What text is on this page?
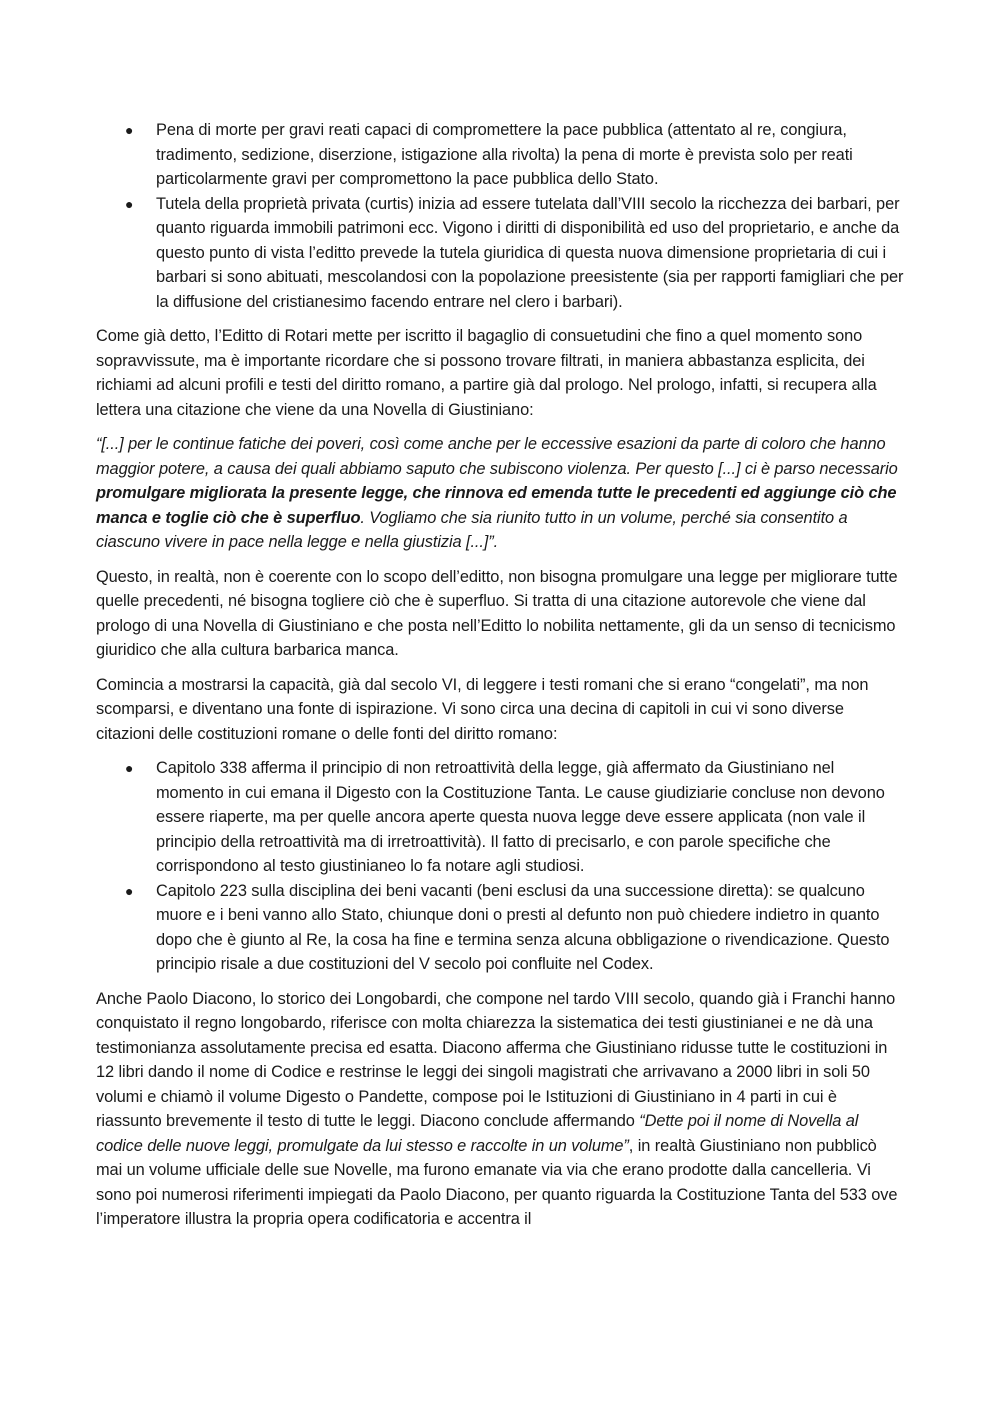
● Pena di morte per gravi reati capaci di compromettere la pace pubblica (attentato al re, congiura, tradimento, sedizione, diserzione, istigazione alla rivolta) la pena di morte è prevista solo per reati particolarmente gravi per compromettono la pace pubblica dello Stato.
● Tutela della proprietà privata (curtis) inizia ad essere tutelata dall’VIII secolo la ricchezza dei barbari, per quanto riguarda immobili patrimoni ecc. Vigono i diritti di disponibilità ed uso del proprietario, e anche da questo punto di vista l’editto prevede la tutela giuridica di questa nuova dimensione proprietaria di cui i barbari si sono abituati, mescolandosi con la popolazione preesistente (sia per rapporti famigliari che per la diffusione del cristianesimo facendo entrare nel clero i barbari).

Come già detto, l’Editto di Rotari mette per iscritto il bagaglio di consuetudini che fino a quel momento sono sopravvissute, ma è importante ricordare che si possono trovare filtrati, in maniera abbastanza esplicita, dei richiami ad alcuni profili e testi del diritto romano, a partire già dal prologo. Nel prologo, infatti, si recupera alla lettera una citazione che viene da una Novella di Giustiniano:

“[...] per le continue fatiche dei poveri, così come anche per le eccessive esazioni da parte di coloro che hanno maggior potere, a causa dei quali abbiamo saputo che subiscono violenza. Per questo [...] ci è parso necessario promulgare migliorata la presente legge, che rinnova ed emenda tutte le precedenti ed aggiunge ciò che manca e toglie ciò che è superfluo. Vogliamo che sia riunito tutto in un volume, perché sia consentito a ciascuno vivere in pace nella legge e nella giustizia [...]”.

Questo, in realtà, non è coerente con lo scopo dell’editto, non bisogna promulgare una legge per migliorare tutte quelle precedenti, né bisogna togliere ciò che è superfluo. Si tratta di una citazione autorevole che viene dal prologo di una Novella di Giustiniano e che posta nell’Editto lo nobilita nettamente, gli da un senso di tecnicismo giuridico che alla cultura barbarica manca.

Comincia a mostrarsi la capacità, già dal secolo VI, di leggere i testi romani che si erano “congelati”, ma non scomparsi, e diventano una fonte di ispirazione. Vi sono circa una decina di capitoli in cui vi sono diverse citazioni delle costituzioni romane o delle fonti del diritto romano:

● Capitolo 338 afferma il principio di non retroattività della legge, già affermato da Giustiniano nel momento in cui emana il Digesto con la Costituzione Tanta. Le cause giudiziarie concluse non devono essere riaperte, ma per quelle ancora aperte questa nuova legge deve essere applicata (non vale il principio della retroattività ma di irretroattività). Il fatto di precisarlo, e con parole specifiche che corrispondono al testo giustinianeo lo fa notare agli studiosi.
● Capitolo 223 sulla disciplina dei beni vacanti (beni esclusi da una successione diretta): se qualcuno muore e i beni vanno allo Stato, chiunque doni o presti al defunto non può chiedere indietro in quanto dopo che è giunto al Re, la cosa ha fine e termina senza alcuna obbligazione o rivendicazione. Questo principio risale a due costituzioni del V secolo poi confluite nel Codex.

Anche Paolo Diacono, lo storico dei Longobardi, che compone nel tardo VIII secolo, quando già i Franchi hanno conquistato il regno longobardo, riferisce con molta chiarezza la sistematica dei testi giustinianei e ne dà una testimonianza assolutamente precisa ed esatta. Diacono afferma che Giustiniano ridusse tutte le costituzioni in 12 libri dando il nome di Codice e restrinse le leggi dei singoli magistrati che arrivavano a 2000 libri in soli 50 volumi e chiamò il volume Digesto o Pandette, compose poi le Istituzioni di Giustiniano in 4 parti in cui è riassunto brevemente il testo di tutte le leggi. Diacono conclude affermando “Dette poi il nome di Novella al codice delle nuove leggi, promulgate da lui stesso e raccolte in un volume”, in realtà Giustiniano non pubblicò mai un volume ufficiale delle sue Novelle, ma furono emanate via via che erano prodotte dalla cancelleria. Vi sono poi numerosi riferimenti impiegati da Paolo Diacono, per quanto riguarda la Costituzione Tanta del 533 ove l’imperatore illustra la propria opera codificatoria e accentra il
